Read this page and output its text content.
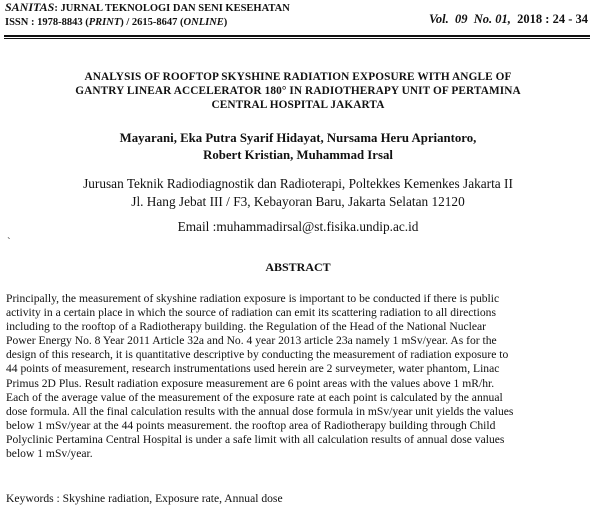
SANITAS: JURNAL TEKNOLOGI DAN SENI KESEHATAN
ISSN : 1978-8843 (PRINT) / 2615-8647 (ONLINE)	Vol.  09  No. 01,  2018 : 24 - 34
ANALYSIS OF ROOFTOP SKYSHINE RADIATION EXPOSURE WITH ANGLE OF
GANTRY LINEAR ACCELERATOR 180° IN RADIOTHERAPY UNIT OF PERTAMINA
CENTRAL HOSPITAL JAKARTA
Mayarani, Eka Putra Syarif Hidayat, Nursama Heru Apriantoro,
Robert Kristian, Muhammad Irsal
Jurusan Teknik Radiodiagnostik dan Radioterapi, Poltekkes Kemenkes Jakarta II
Jl. Hang Jebat III / F3, Kebayoran Baru, Jakarta Selatan 12120
Email :muhammadirsal@st.fisika.undip.ac.id
`
ABSTRACT
Principally, the measurement of skyshine radiation exposure is important to be conducted if there is public
activity in a certain place in which the source of radiation can emit its scattering radiation to all directions
including to the rooftop of a Radiotherapy building. the Regulation of the Head of the National Nuclear
Power Energy No. 8 Year 2011 Article 32a and No. 4 year 2013 article 23a namely 1 mSv/year. As for the
design of this research, it is quantitative descriptive by conducting the measurement of radiation exposure to
44 points of measurement, research instrumentations used herein are 2 surveymeter, water phantom, Linac
Primus 2D Plus. Result radiation exposure measurement are 6 point areas with the values above 1 mR/hr.
Each of the average value of the measurement of the exposure rate at each point is calculated by the annual
dose formula. All the final calculation results with the annual dose formula in mSv/year unit yields the values
below 1 mSv/year at the 44 points measurement. the rooftop area of Radiotherapy building through Child
Polyclinic Pertamina Central Hospital is under a safe limit with all calculation results of annual dose values
below 1 mSv/year.
Keywords : Skyshine radiation, Exposure rate, Annual dose
